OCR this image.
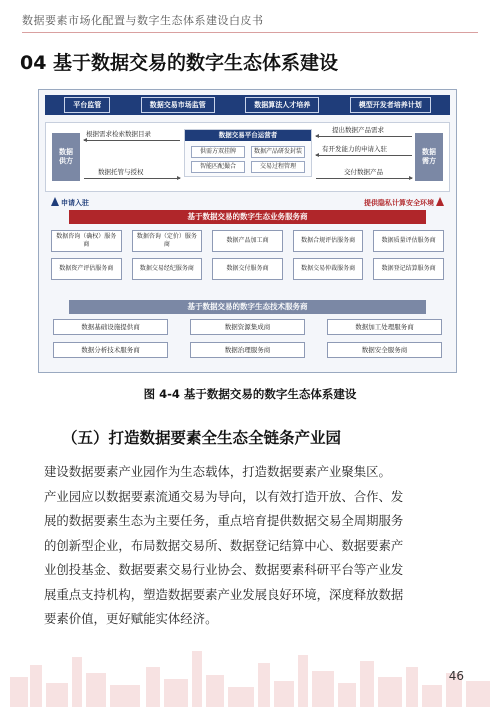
数据要素市场化配置与数字生态体系建设白皮书
04 基于数据交易的数字生态体系建设
平台监管	数据交易市场监管	数据算法人才培养	模型开发者培养计划
数据
供方
数据
需方
根据需求检索数据目录
数据托管与授权
数据交易平台运营者
供需方双挂牌	数据产品研发封装
智能匹配撮合	交易过程管理
提出数据产品需求
有开发能力的申请入驻
交付数据产品
申请入驻	提供隐私计算安全环境
基于数据交易的数字生态业务服务商
数据咨询（确权）服务商
数据咨询（定价）服务商
数据产品加工商	数据合规评估服务商	数据质量评估服务商
数据资产评估服务商	数据交易经纪服务商	数据交付服务商	数据交易仲裁服务商	数据登记结算服务商
基于数据交易的数字生态技术服务商
数据基础设施提供商	数据资源集成商	数据加工处理服务商
数据分析技术服务商	数据治理服务商	数据安全服务商
图 4-4 基于数据交易的数字生态体系建设
（五）打造数据要素全生态全链条产业园
建设数据要素产业园作为生态载体，打造数据要素产业聚集区。
产业园应以数据要素流通交易为导向，以有效打造开放、合作、发
展的数据要素生态为主要任务，重点培育提供数据交易全周期服务
的创新型企业，布局数据交易所、数据登记结算中心、数据要素产
业创投基金、数据要素交易行业协会、数据要素科研平台等产业发
展重点支持机构，塑造数据要素产业发展良好环境，深度释放数据
要素价值，更好赋能实体经济。
46
